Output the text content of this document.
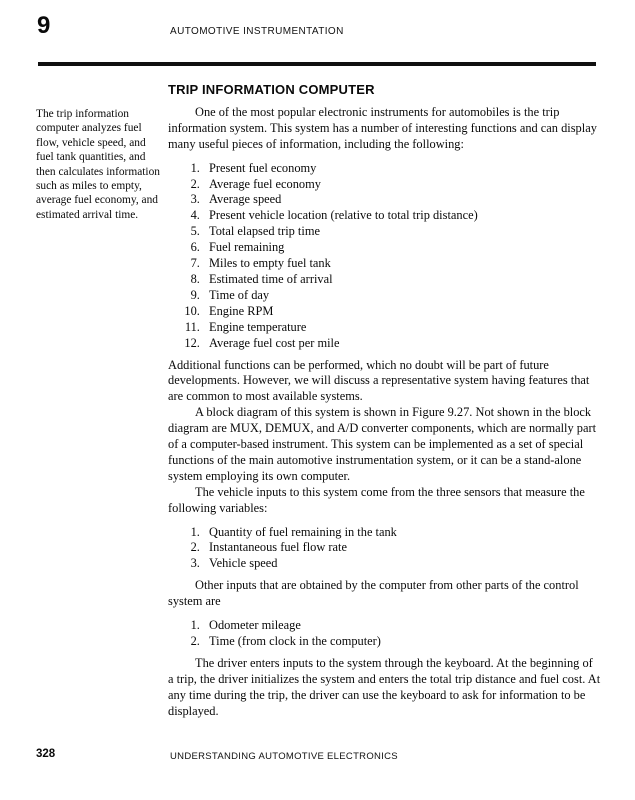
9	AUTOMOTIVE INSTRUMENTATION
The trip information computer analyzes fuel flow, vehicle speed, and fuel tank quantities, and then calculates information such as miles to empty, average fuel economy, and estimated arrival time.
TRIP INFORMATION COMPUTER

One of the most popular electronic instruments for automobiles is the trip information system. This system has a number of interesting functions and can display many useful pieces of information, including the following:

1. Present fuel economy
2. Average fuel economy
3. Average speed
4. Present vehicle location (relative to total trip distance)
5. Total elapsed trip time
6. Fuel remaining
7. Miles to empty fuel tank
8. Estimated time of arrival
9. Time of day
10. Engine RPM
11. Engine temperature
12. Average fuel cost per mile

Additional functions can be performed, which no doubt will be part of future developments. However, we will discuss a representative system having features that are common to most available systems.

A block diagram of this system is shown in Figure 9.27. Not shown in the block diagram are MUX, DEMUX, and A/D converter components, which are normally part of a computer-based instrument. This system can be implemented as a set of special functions of the main automotive instrumentation system, or it can be a stand-alone system employing its own computer.

The vehicle inputs to this system come from the three sensors that measure the following variables:

1. Quantity of fuel remaining in the tank
2. Instantaneous fuel flow rate
3. Vehicle speed

Other inputs that are obtained by the computer from other parts of the control system are

1. Odometer mileage
2. Time (from clock in the computer)

The driver enters inputs to the system through the keyboard. At the beginning of a trip, the driver initializes the system and enters the total trip distance and fuel cost. At any time during the trip, the driver can use the keyboard to ask for information to be displayed.

328	UNDERSTANDING AUTOMOTIVE ELECTRONICS
